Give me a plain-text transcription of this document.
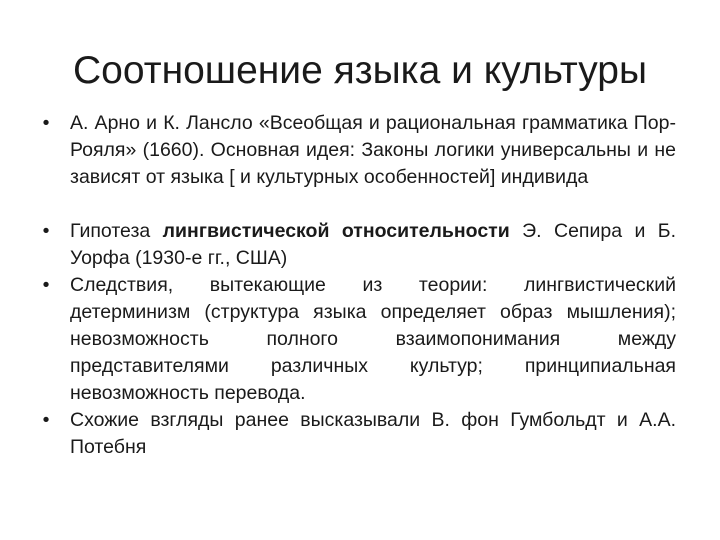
Соотношение языка и культуры
• А. Арно и К. Лансло «Всеобщая и рациональная грамматика Пор-Рояля» (1660). Основная идея: Законы логики универсальны и не зависят от языка [ и культурных особенностей] индивида
• Гипотеза лингвистической относительности Э. Сепира и Б. Уорфа (1930-е гг., США)
• Следствия, вытекающие из теории: лингвистический детерминизм (структура языка определяет образ мышления); невозможность полного взаимопонимания между представителями различных культур; принципиальная невозможность перевода.
• Схожие взгляды ранее высказывали В. фон Гумбольдт и А.А. Потебня
